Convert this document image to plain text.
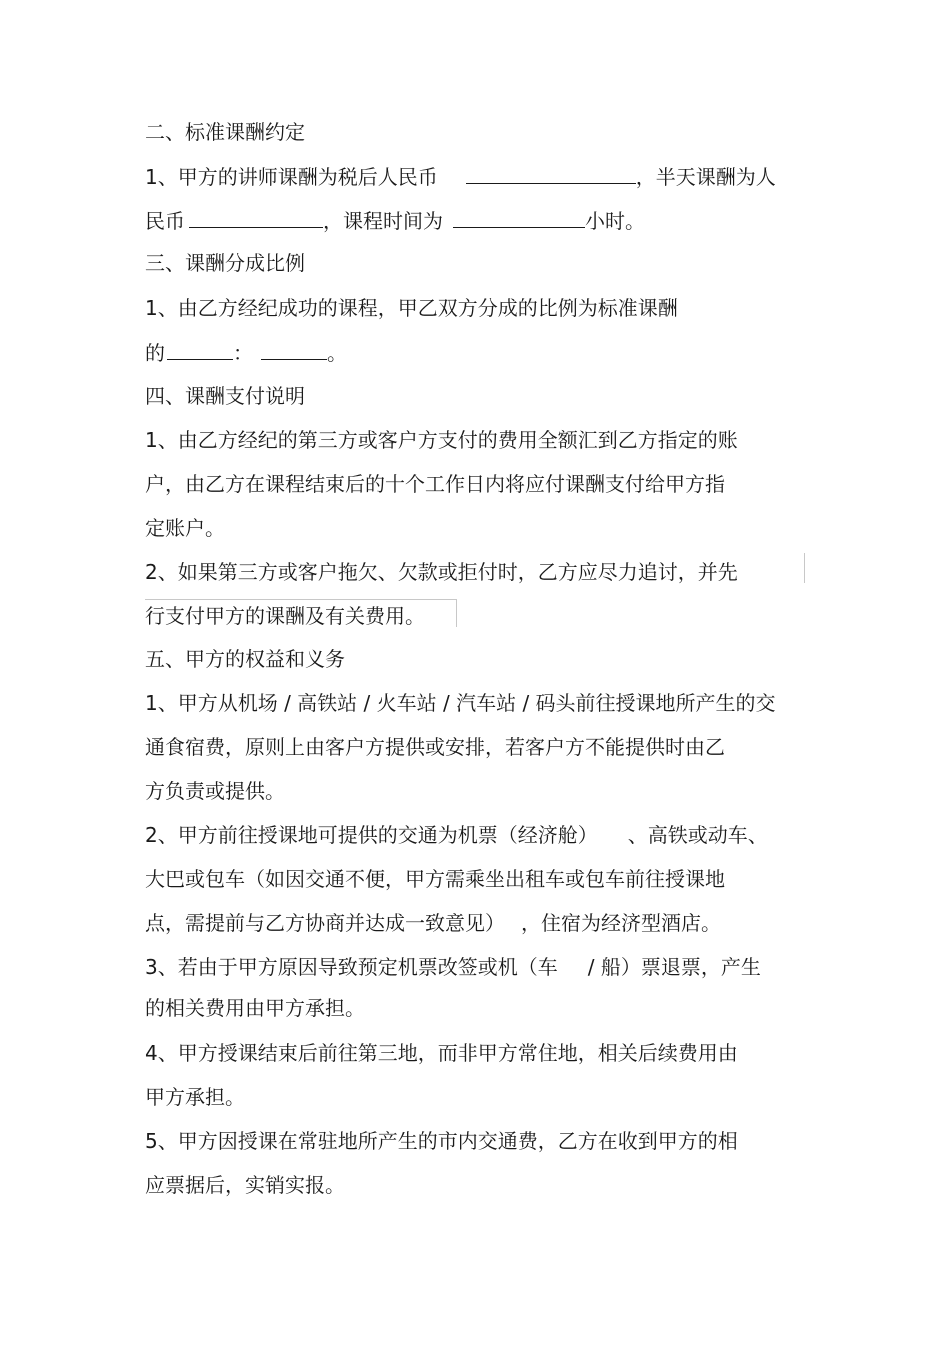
二、标准课酬约定
1、甲方的讲师课酬为税后人民币	，半天课酬为人
民币	，课程时间为	小时。
三、课酬分成比例
1、由乙方经纪成功的课程，甲乙双方分成的比例为标准课酬
的	：	。
四、课酬支付说明
1、由乙方经纪的第三方或客户方支付的费用全额汇到乙方指定的账
户，由乙方在课程结束后的十个工作日内将应付课酬支付给甲方指
定账户。
2、如果第三方或客户拖欠、欠款或拒付时，乙方应尽力追讨，并先
行支付甲方的课酬及有关费用。
五、甲方的权益和义务
1、甲方从机场 / 高铁站 / 火车站 / 汽车站 / 码头前往授课地所产生的交
通食宿费，原则上由客户方提供或安排，若客户方不能提供时由乙
方负责或提供。
2、甲方前往授课地可提供的交通为机票（经济舱） 、高铁或动车、
大巴或包车（如因交通不便，甲方需乘坐出租车或包车前往授课地
点，需提前与乙方协商并达成一致意见） ，住宿为经济型酒店。
3、若由于甲方原因导致预定机票改签或机（车 / 船）票退票，产生
的相关费用由甲方承担。
4、甲方授课结束后前往第三地，而非甲方常住地，相关后续费用由
甲方承担。
5、甲方因授课在常驻地所产生的市内交通费，乙方在收到甲方的相
应票据后，实销实报。
